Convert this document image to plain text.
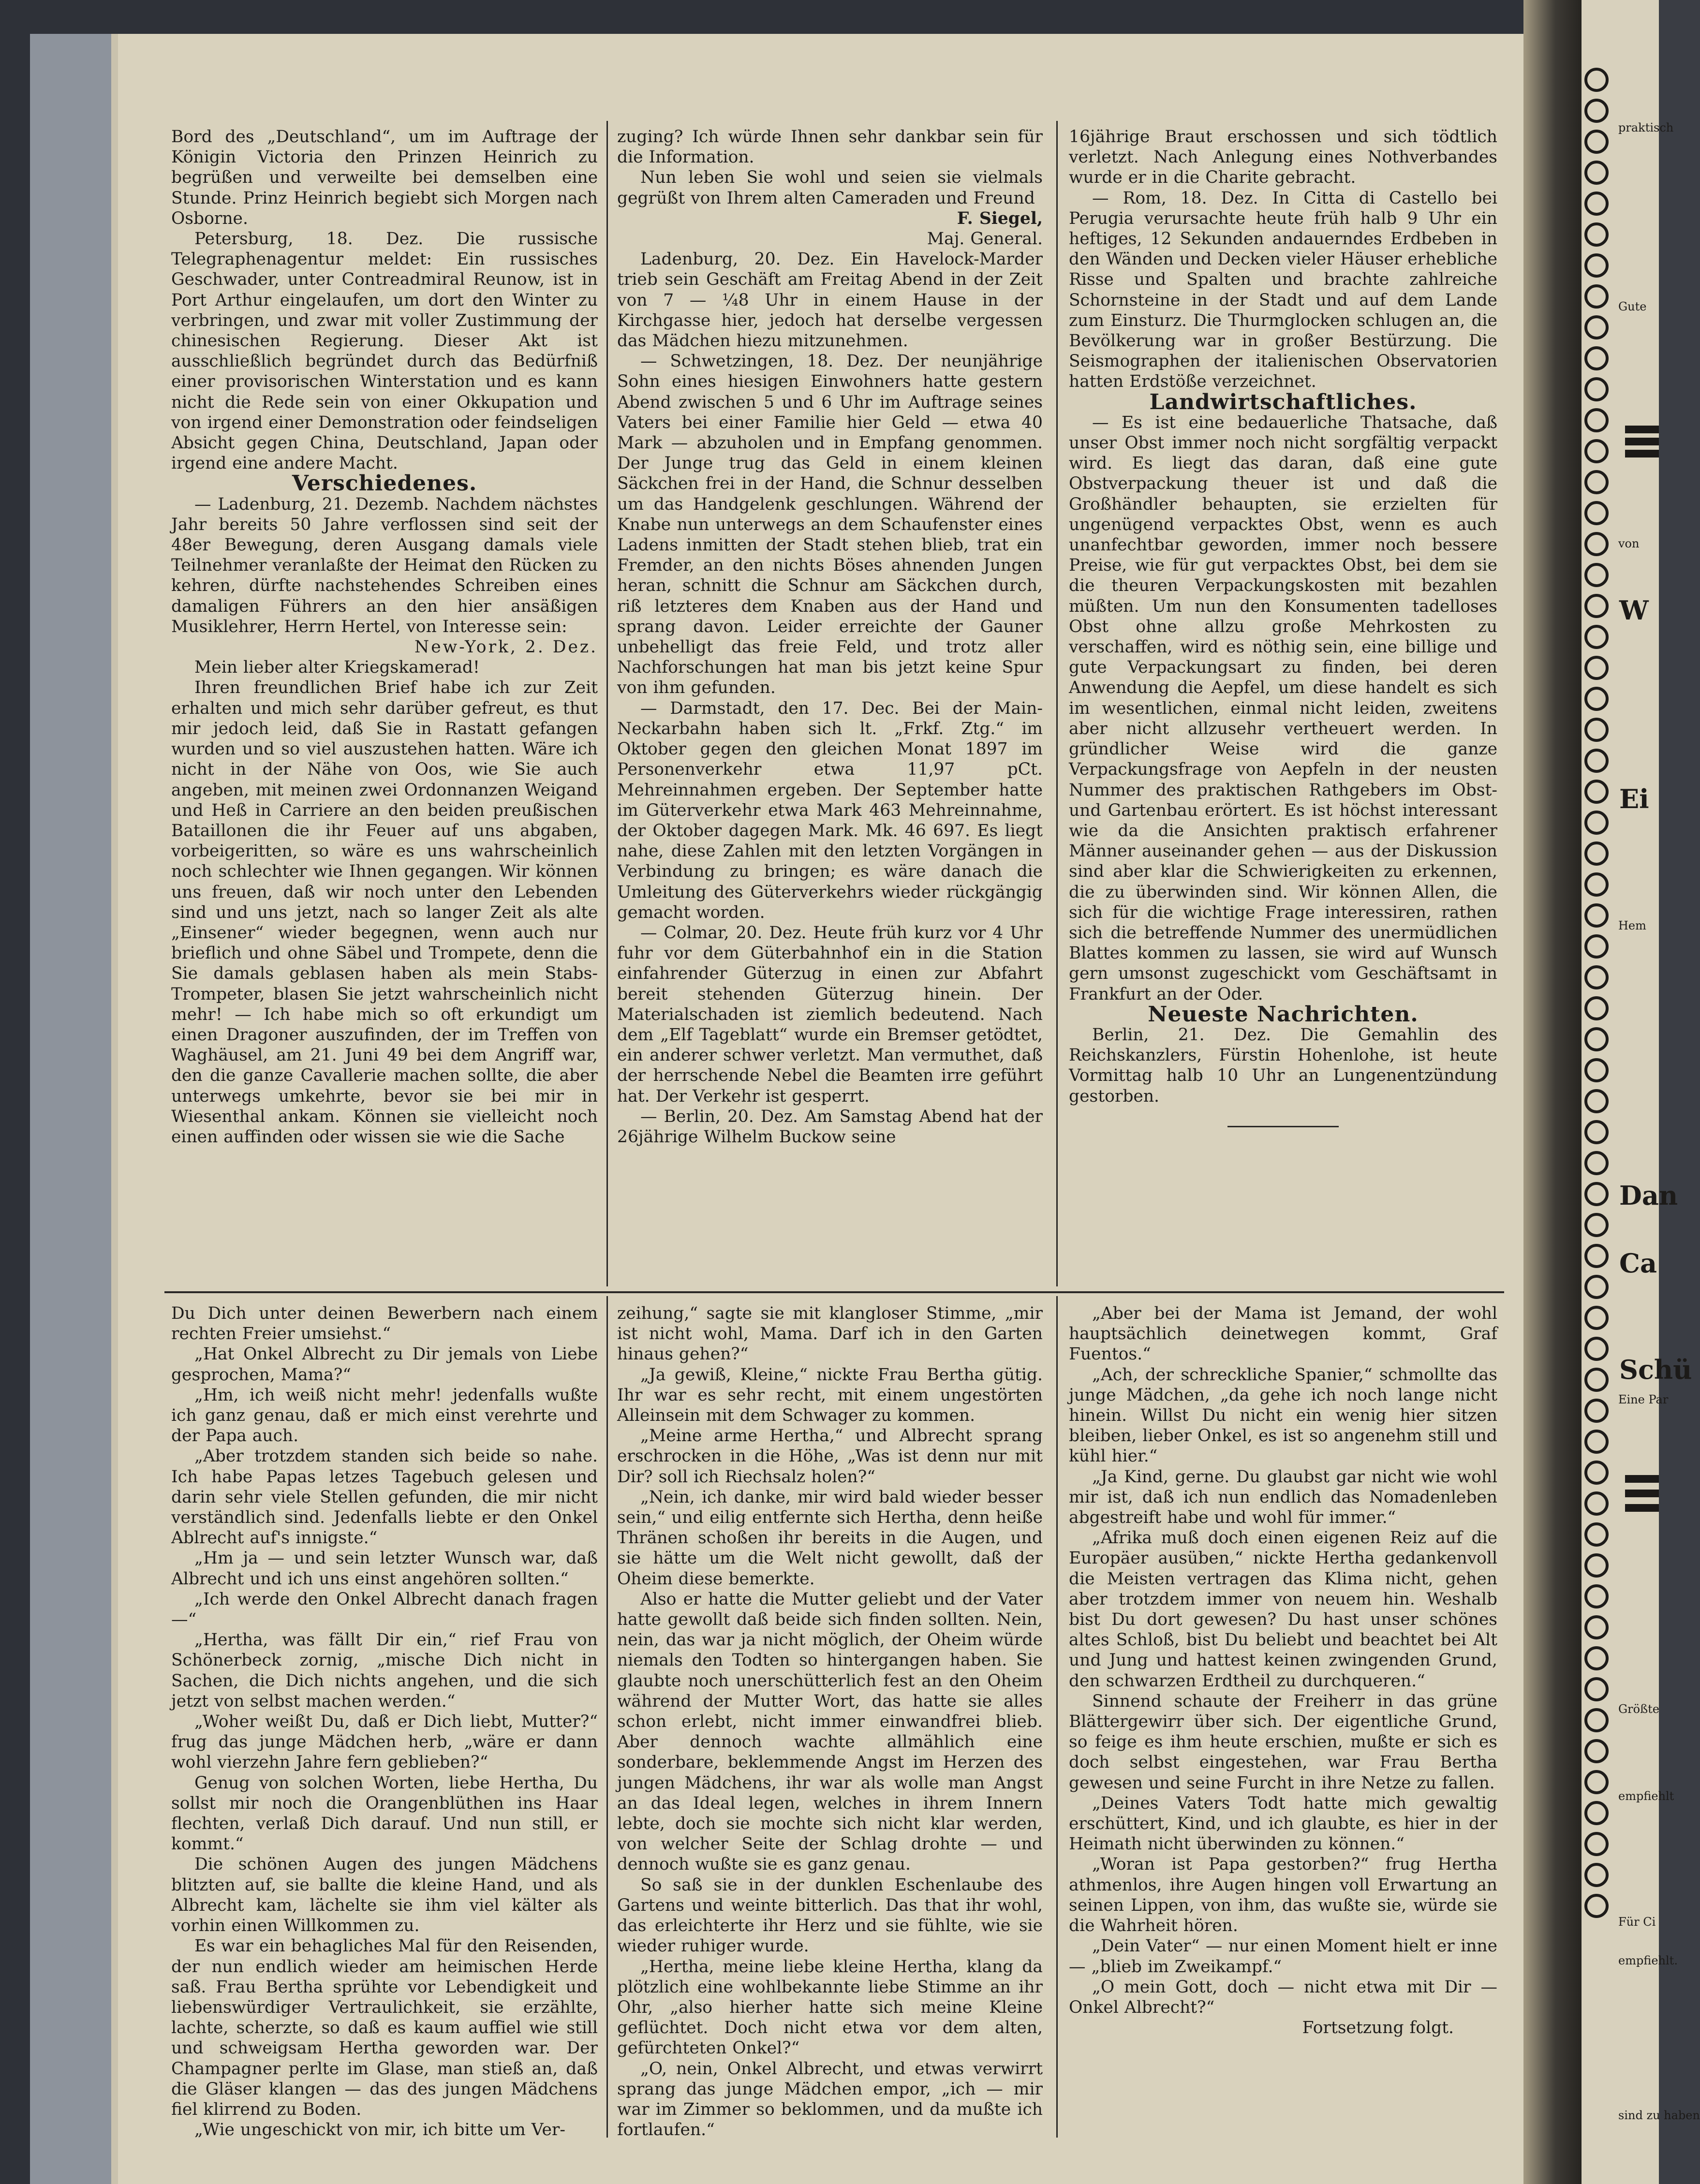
Bord des „Deutschland“, um im Auftrage der Königin Victoria den Prinzen Heinrich zu begrüßen und verweilte bei demselben eine Stunde. Prinz Heinrich begiebt sich Morgen nach Osborne.

Petersburg, 18. Dez. Die russische Telegraphenagentur meldet: Ein russisches Geschwader, unter Contreadmiral Reunow, ist in Port Arthur eingelaufen, um dort den Winter zu verbringen, und zwar mit voller Zustimmung der chinesischen Regierung. Dieser Akt ist ausschließlich begründet durch das Bedürfniß einer provisorischen Winterstation und es kann nicht die Rede sein von einer Okkupation und von irgend einer Demonstration oder feindseligen Absicht gegen China, Deutschland, Japan oder irgend eine andere Macht.

Verschiedenes.

— Ladenburg, 21. Dezemb. Nachdem nächstes Jahr bereits 50 Jahre verflossen sind seit der 48er Bewegung, deren Ausgang damals viele Teilnehmer veranlaßte der Heimat den Rücken zu kehren, dürfte nachstehendes Schreiben eines damaligen Führers an den hier ansäßigen Musiklehrer, Herrn Hertel, von Interesse sein:

New-York, 2. Dez.

Mein lieber alter Kriegskamerad!

Ihren freundlichen Brief habe ich zur Zeit erhalten und mich sehr darüber gefreut, es thut mir jedoch leid, daß Sie in Rastatt gefangen wurden und so viel auszustehen hatten. Wäre ich nicht in der Nähe von Oos, wie Sie auch angeben, mit meinen zwei Ordonnanzen Weigand und Heß in Carriere an den beiden preußischen Bataillonen die ihr Feuer auf uns abgaben, vorbeigeritten, so wäre es uns wahrscheinlich noch schlechter wie Ihnen gegangen. Wir können uns freuen, daß wir noch unter den Lebenden sind und uns jetzt, nach so langer Zeit als alte „Einsener“ wieder begegnen, wenn auch nur brieflich und ohne Säbel und Trompete, denn die Sie damals geblasen haben als mein Stabs-Trompeter, blasen Sie jetzt wahrscheinlich nicht mehr! — Ich habe mich so oft erkundigt um einen Dragoner auszufinden, der im Treffen von Waghäusel, am 21. Juni 49 bei dem Angriff war, den die ganze Cavallerie machen sollte, die aber unterwegs umkehrte, bevor sie bei mir in Wiesenthal ankam. Können sie vielleicht noch einen auffinden oder wissen sie wie die Sache

zuging? Ich würde Ihnen sehr dankbar sein für die Information.

Nun leben Sie wohl und seien sie vielmals gegrüßt von Ihrem alten Cameraden und Freund

F. Siegel,

Maj. General.

Ladenburg, 20. Dez. Ein Havelock-Marder trieb sein Geschäft am Freitag Abend in der Zeit von 7 — ¼8 Uhr in einem Hause in der Kirchgasse hier, jedoch hat derselbe vergessen das Mädchen hiezu mitzunehmen.

— Schwetzingen, 18. Dez. Der neunjährige Sohn eines hiesigen Einwohners hatte gestern Abend zwischen 5 und 6 Uhr im Auftrage seines Vaters bei einer Familie hier Geld — etwa 40 Mark — abzuholen und in Empfang genommen. Der Junge trug das Geld in einem kleinen Säckchen frei in der Hand, die Schnur desselben um das Handgelenk geschlungen. Während der Knabe nun unterwegs an dem Schaufenster eines Ladens inmitten der Stadt stehen blieb, trat ein Fremder, an den nichts Böses ahnenden Jungen heran, schnitt die Schnur am Säckchen durch, riß letzteres dem Knaben aus der Hand und sprang davon. Leider erreichte der Gauner unbehelligt das freie Feld, und trotz aller Nachforschungen hat man bis jetzt keine Spur von ihm gefunden.

— Darmstadt, den 17. Dec. Bei der Main-Neckarbahn haben sich lt. „Frkf. Ztg.“ im Oktober gegen den gleichen Monat 1897 im Personenverkehr etwa 11,97 pCt. Mehreinnahmen ergeben. Der September hatte im Güterverkehr etwa Mark 463 Mehreinnahme, der Oktober dagegen Mark. Mk. 46 697. Es liegt nahe, diese Zahlen mit den letzten Vorgängen in Verbindung zu bringen; es wäre danach die Umleitung des Güterverkehrs wieder rückgängig gemacht worden.

— Colmar, 20. Dez. Heute früh kurz vor 4 Uhr fuhr vor dem Güterbahnhof ein in die Station einfahrender Güterzug in einen zur Abfahrt bereit stehenden Güterzug hinein. Der Materialschaden ist ziemlich bedeutend. Nach dem „Elf Tageblatt“ wurde ein Bremser getödtet, ein anderer schwer verletzt. Man vermuthet, daß der herrschende Nebel die Beamten irre geführt hat. Der Verkehr ist gesperrt.

— Berlin, 20. Dez. Am Samstag Abend hat der 26jährige Wilhelm Buckow seine

16jährige Braut erschossen und sich tödtlich verletzt. Nach Anlegung eines Nothverbandes wurde er in die Charite gebracht.

— Rom, 18. Dez. In Citta di Castello bei Perugia verursachte heute früh halb 9 Uhr ein heftiges, 12 Sekunden andauerndes Erdbeben in den Wänden und Decken vieler Häuser erhebliche Risse und Spalten und brachte zahlreiche Schornsteine in der Stadt und auf dem Lande zum Einsturz. Die Thurmglocken schlugen an, die Bevölkerung war in großer Bestürzung. Die Seismographen der italienischen Observatorien hatten Erdstöße verzeichnet.

Landwirtschaftliches.

— Es ist eine bedauerliche Thatsache, daß unser Obst immer noch nicht sorgfältig verpackt wird. Es liegt das daran, daß eine gute Obstverpackung theuer ist und daß die Großhändler behaupten, sie erzielten für ungenügend verpacktes Obst, wenn es auch unanfechtbar geworden, immer noch bessere Preise, wie für gut verpacktes Obst, bei dem sie die theuren Verpackungskosten mit bezahlen müßten. Um nun den Konsumenten tadelloses Obst ohne allzu große Mehrkosten zu verschaffen, wird es nöthig sein, eine billige und gute Verpackungsart zu finden, bei deren Anwendung die Aepfel, um diese handelt es sich im wesentlichen, einmal nicht leiden, zweitens aber nicht allzusehr vertheuert werden. In gründlicher Weise wird die ganze Verpackungsfrage von Aepfeln in der neusten Nummer des praktischen Rathgebers im Obst- und Gartenbau erörtert. Es ist höchst interessant wie da die Ansichten praktisch erfahrener Männer auseinander gehen — aus der Diskussion sind aber klar die Schwierigkeiten zu erkennen, die zu überwinden sind. Wir können Allen, die sich für die wichtige Frage interessiren, rathen sich die betreffende Nummer des unermüdlichen Blattes kommen zu lassen, sie wird auf Wunsch gern umsonst zugeschickt vom Geschäftsamt in Frankfurt an der Oder.

Neueste Nachrichten.

Berlin, 21. Dez. Die Gemahlin des Reichskanzlers, Fürstin Hohenlohe, ist heute Vormittag halb 10 Uhr an Lungenentzündung gestorben.

Du Dich unter deinen Bewerbern nach einem rechten Freier umsiehst.“

„Hat Onkel Albrecht zu Dir jemals von Liebe gesprochen, Mama?“

„Hm, ich weiß nicht mehr! jedenfalls wußte ich ganz genau, daß er mich einst verehrte und der Papa auch.

„Aber trotzdem standen sich beide so nahe. Ich habe Papas letzes Tagebuch gelesen und darin sehr viele Stellen gefunden, die mir nicht verständlich sind. Jedenfalls liebte er den Onkel Ablrecht auf's innigste.“

„Hm ja — und sein letzter Wunsch war, daß Albrecht und ich uns einst angehören sollten.“

„Ich werde den Onkel Albrecht danach fragen —“

„Hertha, was fällt Dir ein,“ rief Frau von Schönerbeck zornig, „mische Dich nicht in Sachen, die Dich nichts angehen, und die sich jetzt von selbst machen werden.“

„Woher weißt Du, daß er Dich liebt, Mutter?“ frug das junge Mädchen herb, „wäre er dann wohl vierzehn Jahre fern geblieben?“

Genug von solchen Worten, liebe Hertha, Du sollst mir noch die Orangenblüthen ins Haar flechten, verlaß Dich darauf. Und nun still, er kommt.“

Die schönen Augen des jungen Mädchens blitzten auf, sie ballte die kleine Hand, und als Albrecht kam, lächelte sie ihm viel kälter als vorhin einen Willkommen zu.

Es war ein behagliches Mal für den Reisenden, der nun endlich wieder am heimischen Herde saß. Frau Bertha sprühte vor Lebendigkeit und liebenswürdiger Vertraulichkeit, sie erzählte, lachte, scherzte, so daß es kaum auffiel wie still und schweigsam Hertha geworden war. Der Champagner perlte im Glase, man stieß an, daß die Gläser klangen — das des jungen Mädchens fiel klirrend zu Boden.

„Wie ungeschickt von mir, ich bitte um Ver-

zeihung,“ sagte sie mit klangloser Stimme, „mir ist nicht wohl, Mama. Darf ich in den Garten hinaus gehen?“

„Ja gewiß, Kleine,“ nickte Frau Bertha gütig. Ihr war es sehr recht, mit einem ungestörten Alleinsein mit dem Schwager zu kommen.

„Meine arme Hertha,“ und Albrecht sprang erschrocken in die Höhe, „Was ist denn nur mit Dir? soll ich Riechsalz holen?“

„Nein, ich danke, mir wird bald wieder besser sein,“ und eilig entfernte sich Hertha, denn heiße Thränen schoßen ihr bereits in die Augen, und sie hätte um die Welt nicht gewollt, daß der Oheim diese bemerkte.

Also er hatte die Mutter geliebt und der Vater hatte gewollt daß beide sich finden sollten. Nein, nein, das war ja nicht möglich, der Oheim würde niemals den Todten so hintergangen haben. Sie glaubte noch unerschütterlich fest an den Oheim während der Mutter Wort, das hatte sie alles schon erlebt, nicht immer einwandfrei blieb. Aber dennoch wachte allmählich eine sonderbare, beklemmende Angst im Herzen des jungen Mädchens, ihr war als wolle man Angst an das Ideal legen, welches in ihrem Innern lebte, doch sie mochte sich nicht klar werden, von welcher Seite der Schlag drohte — und dennoch wußte sie es ganz genau.

So saß sie in der dunklen Eschenlaube des Gartens und weinte bitterlich. Das that ihr wohl, das erleichterte ihr Herz und sie fühlte, wie sie wieder ruhiger wurde.

„Hertha, meine liebe kleine Hertha, klang da plötzlich eine wohlbekannte liebe Stimme an ihr Ohr, „also hierher hatte sich meine Kleine geflüchtet. Doch nicht etwa vor dem alten, gefürchteten Onkel?“

„O, nein, Onkel Albrecht, und etwas verwirrt sprang das junge Mädchen empor, „ich — mir war im Zimmer so beklommen, und da mußte ich fortlaufen.“

„Aber bei der Mama ist Jemand, der wohl hauptsächlich deinetwegen kommt, Graf Fuentos.“

„Ach, der schreckliche Spanier,“ schmollte das junge Mädchen, „da gehe ich noch lange nicht hinein. Willst Du nicht ein wenig hier sitzen bleiben, lieber Onkel, es ist so angenehm still und kühl hier.“

„Ja Kind, gerne. Du glaubst gar nicht wie wohl mir ist, daß ich nun endlich das Nomadenleben abgestreift habe und wohl für immer.“

„Afrika muß doch einen eigenen Reiz auf die Europäer ausüben,“ nickte Hertha gedankenvoll die Meisten vertragen das Klima nicht, gehen aber trotzdem immer von neuem hin. Weshalb bist Du dort gewesen? Du hast unser schönes altes Schloß, bist Du beliebt und beachtet bei Alt und Jung und hattest keinen zwingenden Grund, den schwarzen Erdtheil zu durchqueren.“

Sinnend schaute der Freiherr in das grüne Blättergewirr über sich. Der eigentliche Grund, so feige es ihm heute erschien, mußte er sich es doch selbst eingestehen, war Frau Bertha gewesen und seine Furcht in ihre Netze zu fallen.

„Deines Vaters Todt hatte mich gewaltig erschüttert, Kind, und ich glaubte, es hier in der Heimath nicht überwinden zu können.“

„Woran ist Papa gestorben?“ frug Hertha athmenlos, ihre Augen hingen voll Erwartung an seinen Lippen, von ihm, das wußte sie, würde sie die Wahrheit hören.

„Dein Vater“ — nur einen Moment hielt er inne — „blieb im Zweikampf.“

„O mein Gott, doch — nicht etwa mit Dir — Onkel Albrecht?“

Fortsetzung folgt.

praktisch
Gute
von
W
Ei
Hem
Dan
Ca
Schü
Eine Par
Größte
empfiehlt
Für Ci
empfiehlt.
sind zu haben
